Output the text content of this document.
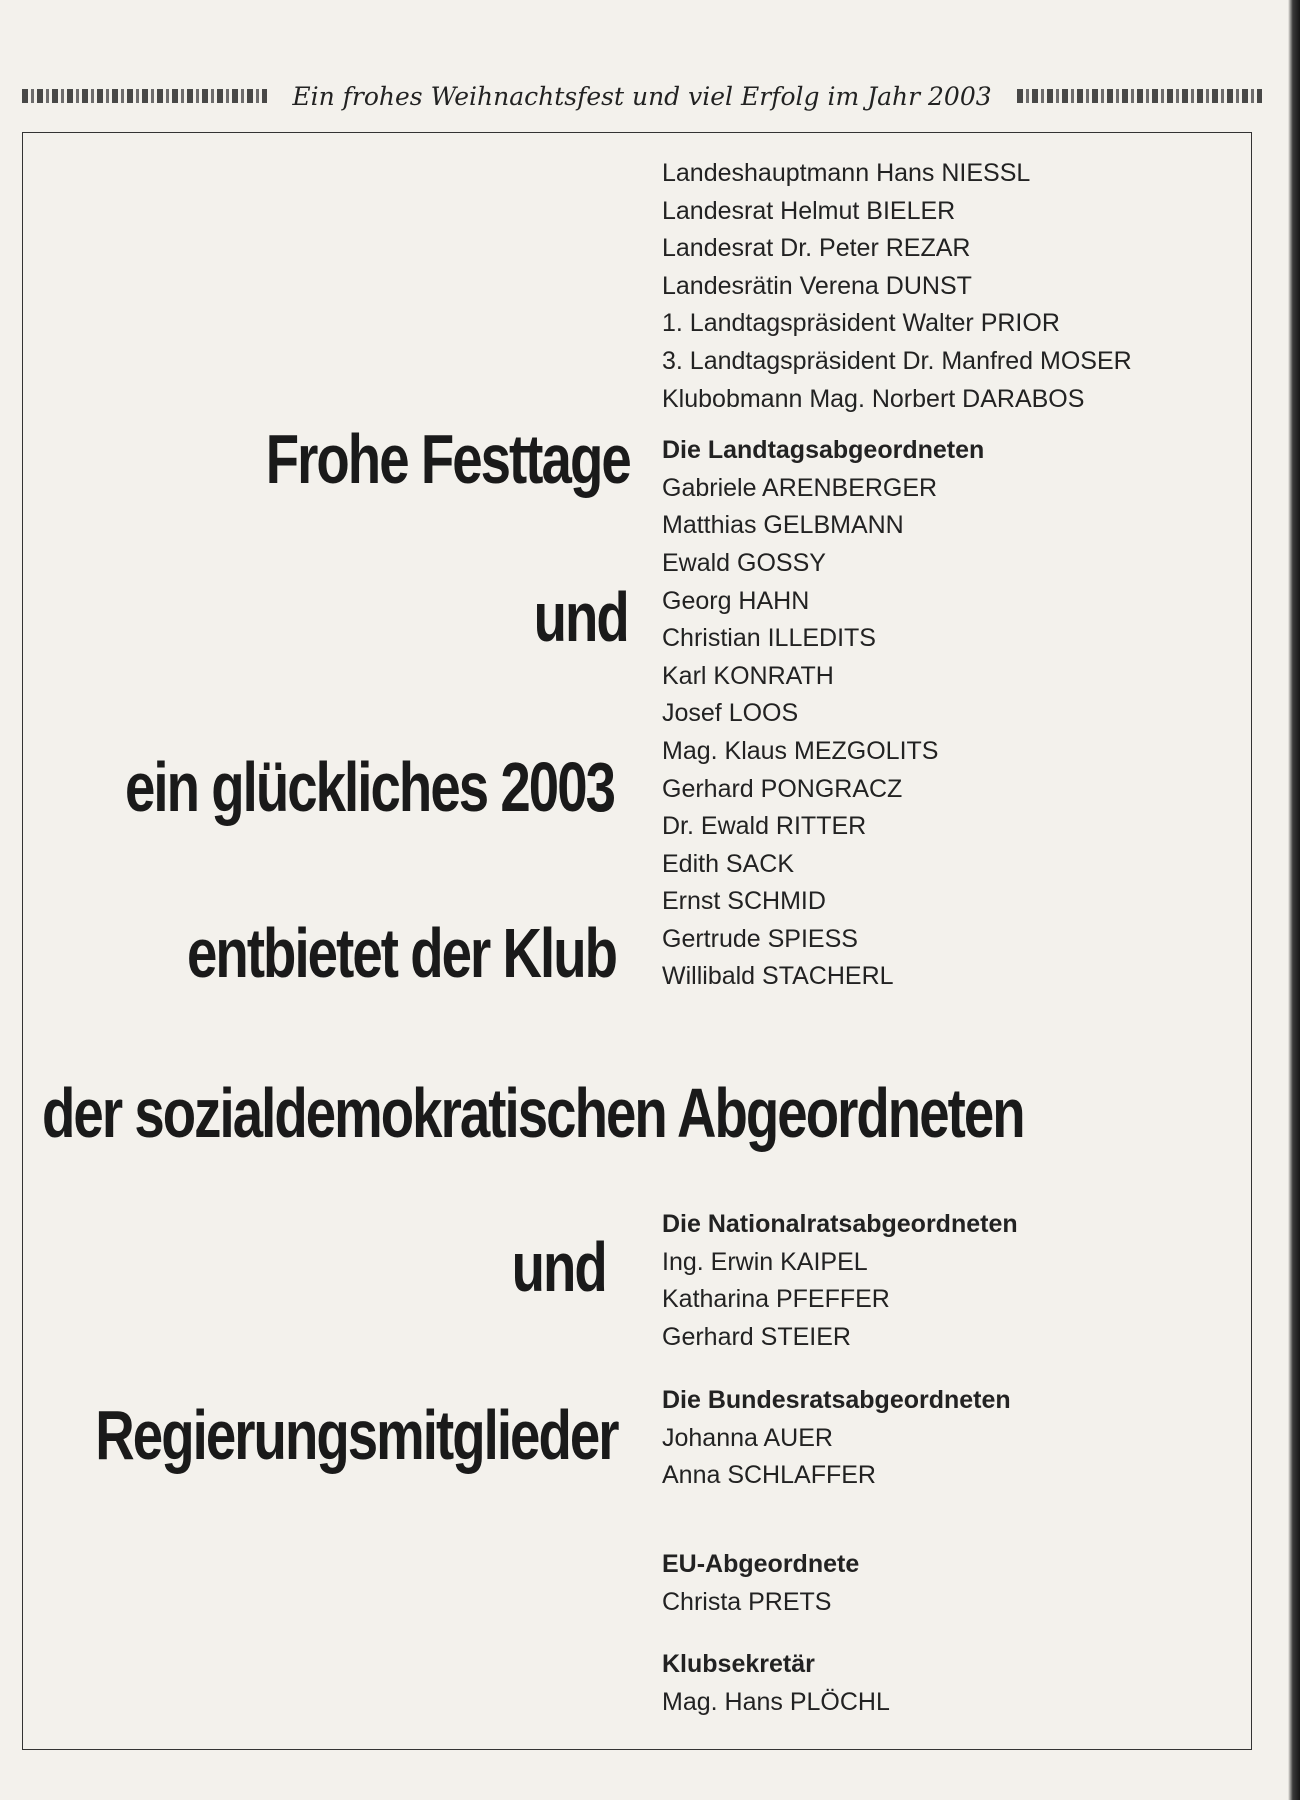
Ein frohes Weihnachtsfest und viel Erfolg im Jahr 2003
Frohe Festtage
und
ein glückliches 2003
entbietet der Klub
der sozialdemokratischen Abgeordneten
und
Regierungsmitglieder
Landeshauptmann Hans NIESSL
Landesrat Helmut BIELER
Landesrat Dr. Peter REZAR
Landesrätin Verena DUNST
1. Landtagspräsident Walter PRIOR
3. Landtagspräsident Dr. Manfred MOSER
Klubobmann Mag. Norbert DARABOS
Die Landtagsabgeordneten
Gabriele ARENBERGER
Matthias GELBMANN
Ewald GOSSY
Georg HAHN
Christian ILLEDITS
Karl KONRATH
Josef LOOS
Mag. Klaus MEZGOLITS
Gerhard PONGRACZ
Dr. Ewald RITTER
Edith SACK
Ernst SCHMID
Gertrude SPIESS
Willibald STACHERL
Die Nationalratsabgeordneten
Ing. Erwin KAIPEL
Katharina PFEFFER
Gerhard STEIER
Die Bundesratsabgeordneten
Johanna AUER
Anna SCHLAFFER
EU-Abgeordnete
Christa PRETS
Klubsekretär
Mag. Hans PLÖCHL
